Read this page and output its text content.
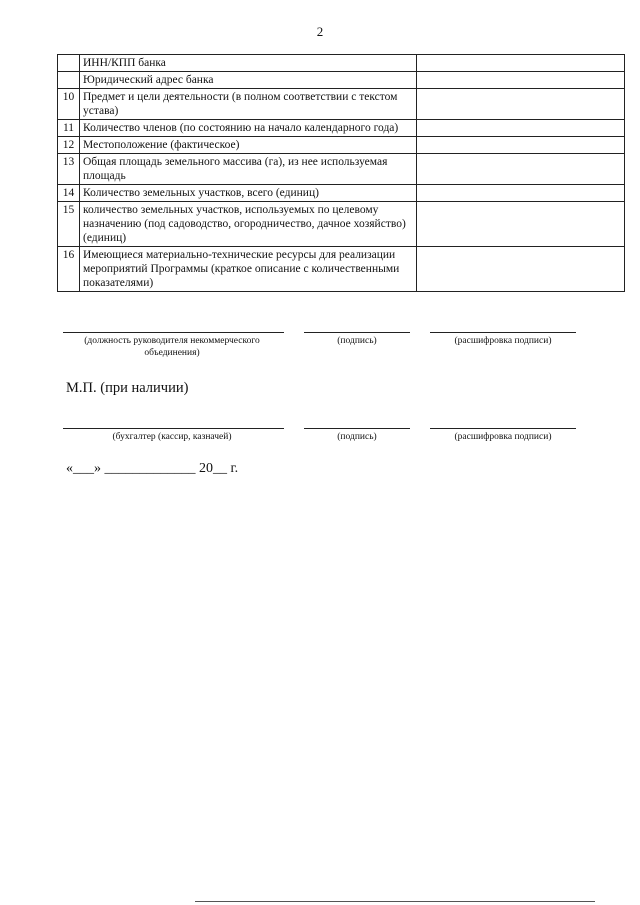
2
	ИНН/КПП банка	
	Юридический адрес банка	
10	Предмет и цели деятельности (в полном соответствии с текстом устава)	
11	Количество членов (по состоянию на начало календарного года)	
12	Местоположение (фактическое)	
13	Общая площадь земельного массива (га), из нее используемая площадь	
14	Количество земельных участков, всего (единиц)	
15	количество земельных участков, используемых по целевому назначению (под садоводство, огородничество, дачное хозяйство) (единиц)	
16	Имеющиеся материально-технические ресурсы для реализации мероприятий Программы (краткое описание с количественными показателями)	
(должность руководителя некоммерческого объединения)
(подпись)	(расшифровка подписи)
М.П. (при наличии)
(бухгалтер (кассир, казначей)	(подпись)	(расшифровка подписи)
«___» _____________ 20__ г.
